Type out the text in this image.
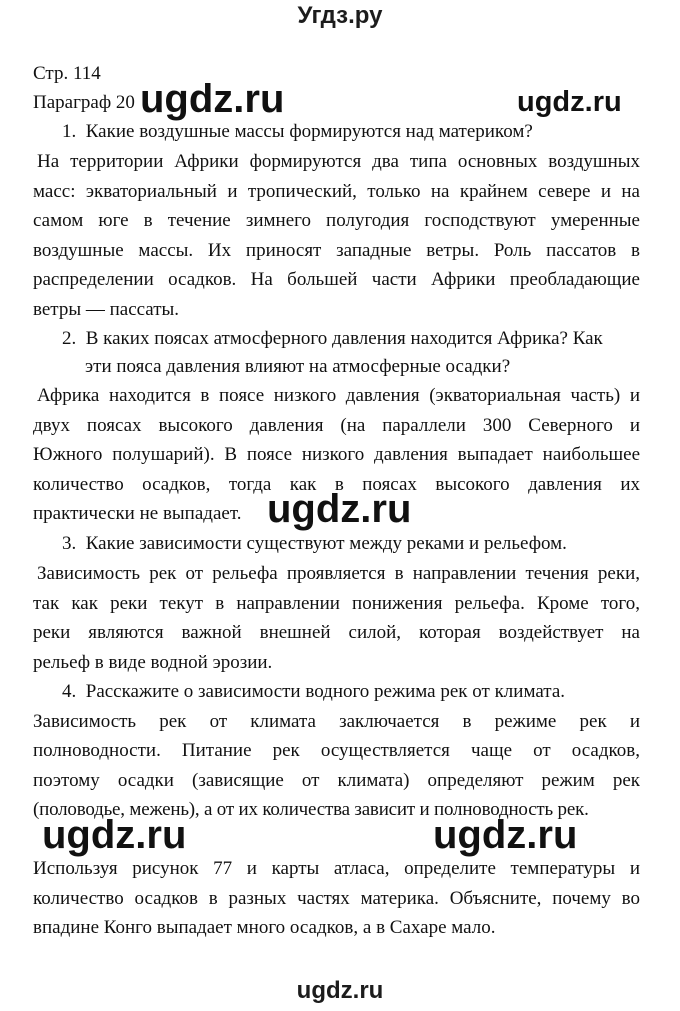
Угдз.ру
Стр. 114
Параграф 20
1. Какие воздушные массы формируются над материком?
На территории Африки формируются два типа основных воздушных
масс: экваториальный и тропический, только на крайнем севере и на
самом юге в течение зимнего полугодия господствуют умеренные
воздушные массы. Их приносят западные ветры. Роль пассатов в
распределении осадков. На большей части Африки преобладающие
ветры — пассаты.
2. В каких поясах атмосферного давления находится Африка? Как
эти пояса давления влияют на атмосферные осадки?
Африка находится в поясе низкого давления (экваториальная часть) и
двух поясах высокого давления (на параллели 300 Северного и
Южного полушарий). В поясе низкого давления выпадает наибольшее
количество осадков, тогда как в поясах высокого давления их
практически не выпадает.
3. Какие зависимости существуют между реками и рельефом.
Зависимость рек от рельефа проявляется в направлении течения реки,
так как реки текут в направлении понижения рельефа. Кроме того,
реки являются важной внешней силой, которая воздействует на
рельеф в виде водной эрозии.
4. Расскажите о зависимости водного режима рек от климата.
Зависимость рек от климата заключается в режиме рек и
полноводности. Питание рек осуществляется чаще от осадков,
поэтому осадки (зависящие от климата) определяют режим рек
(половодье, межень), а от их количества зависит и полноводность рек.
Используя рисунок 77 и карты атласа, определите температуры и
количество осадков в разных частях материка. Объясните, почему во
впадине Конго выпадает много осадков, а в Сахаре мало.
ugdz.ru	ugdz.ru
ugdz.ru
ugdz.ru	ugdz.ru
ugdz.ru
